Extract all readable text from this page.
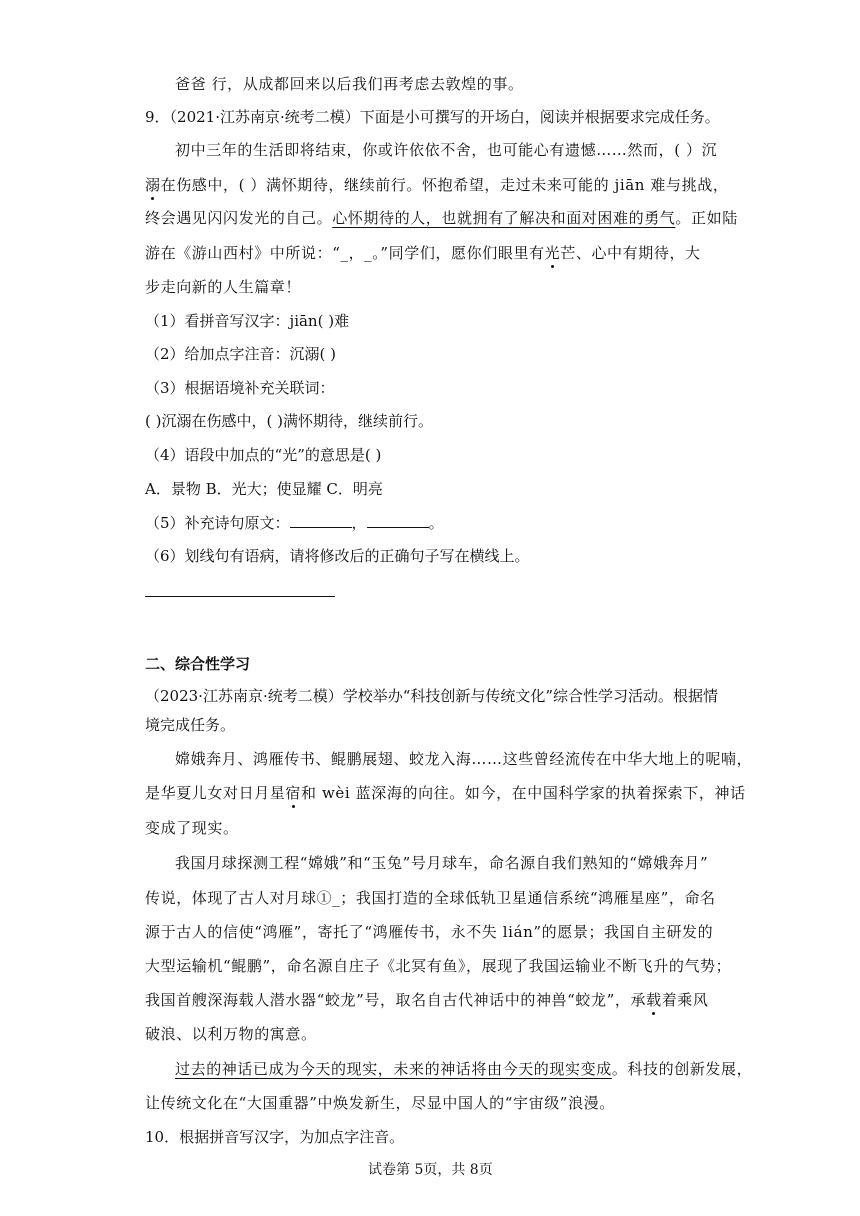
爸爸 行，从成都回来以后我们再考虑去敦煌的事。
9．（2021·江苏南京·统考二模）下面是小可撰写的开场白，阅读并根据要求完成任务。
初中三年的生活即将结束，你或许依依不舍，也可能心有遗憾……然而，( ）沉
溺在伤感中，( ）满怀期待，继续前行。怀抱希望，走过未来可能的 jiān 难与挑战，
终会遇见闪闪发光的自己。心怀期待的人，也就拥有了解决和面对困难的勇气。正如陆
游在《游山西村》中所说：“_，_。”同学们，愿你们眼里有光芒、心中有期待，大
步走向新的人生篇章！
（1）看拼音写汉字：jiān( )难
（2）给加点字注音：沉溺( )
（3）根据语境补充关联词：
( )沉溺在伤感中，( )满怀期待，继续前行。
（4）语段中加点的“光”的意思是( )
A．景物 B．光大；使显耀 C．明亮
（5）补充诗句原文：	，	。
（6）划线句有语病，请将修改后的正确句子写在横线上。
二、综合性学习
（2023·江苏南京·统考二模）学校举办“科技创新与传统文化”综合性学习活动。根据情
境完成任务。
嫦娥奔月、鸿雁传书、鲲鹏展翅、蛟龙入海……这些曾经流传在中华大地上的呢喃，
是华夏儿女对日月星宿和 wèi 蓝深海的向往。如今，在中国科学家的执着探索下，神话
变成了现实。
我国月球探测工程“嫦娥”和“玉兔”号月球车，命名源自我们熟知的“嫦娥奔月”
传说，体现了古人对月球①_；我国打造的全球低轨卫星通信系统“鸿雁星座”，命名
源于古人的信使“鸿雁”，寄托了“鸿雁传书，永不失 lián”的愿景；我国自主研发的
大型运输机“鲲鹏”，命名源自庄子《北冥有鱼》，展现了我国运输业不断飞升的气势；
我国首艘深海载人潜水器“蛟龙”号，取名自古代神话中的神兽“蛟龙”，承载着乘风
破浪、以利万物的寓意。
过去的神话已成为今天的现实，未来的神话将由今天的现实变成。科技的创新发展，
让传统文化在“大国重器”中焕发新生，尽显中国人的“宇宙级”浪漫。
10．根据拼音写汉字，为加点字注音。
试卷第 5页，共 8页
